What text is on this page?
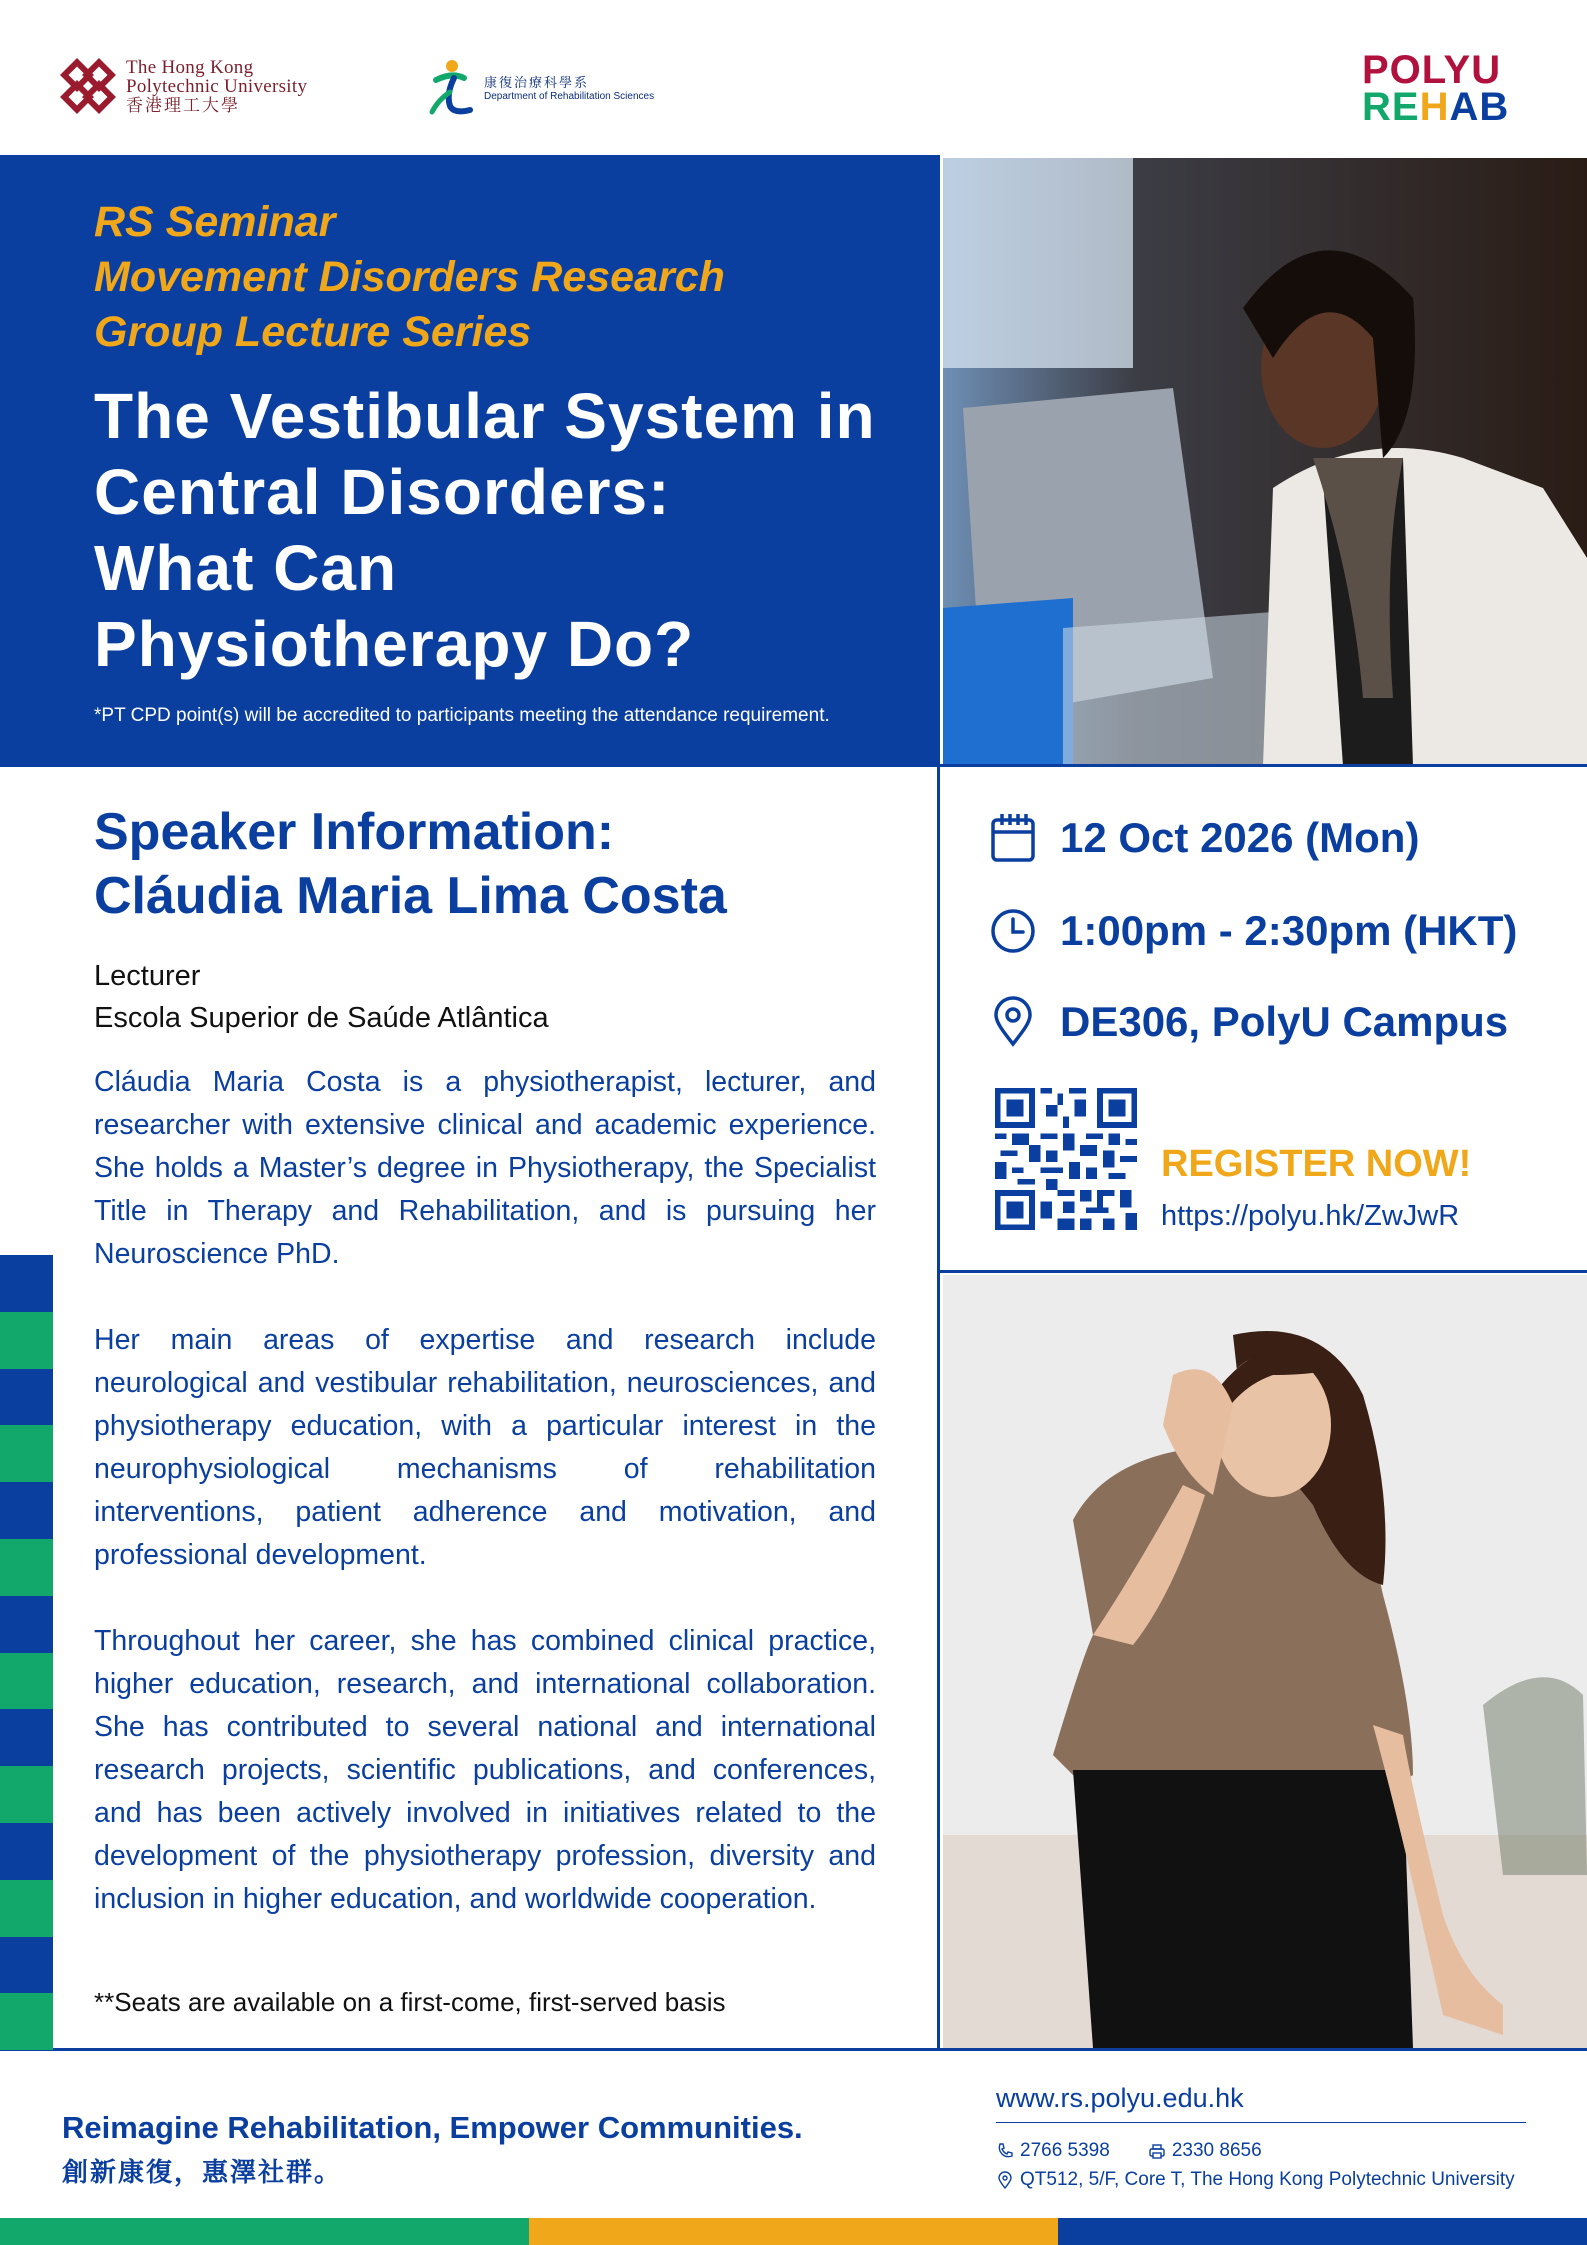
The Hong Kong
Polytechnic University
香港理工大學
康復治療科學系
Department of Rehabilitation Sciences
POLYU
REHAB
RS Seminar
Movement Disorders Research
Group Lecture Series
The Vestibular System in
Central Disorders:
What Can
Physiotherapy Do?
*PT CPD point(s) will be accredited to participants meeting the attendance requirement.
Speaker Information:
Cláudia Maria Lima Costa
Lecturer
Escola Superior de Saúde Atlântica

Cláudia Maria Costa is a physiotherapist, lecturer, and researcher with extensive clinical and academic experience. She holds a Master’s degree in Physiotherapy, the Specialist Title in Therapy and Rehabilitation, and is pursuing her Neuroscience PhD.

Her main areas of expertise and research include neurological and vestibular rehabilitation, neurosciences, and physiotherapy education, with a particular interest in the neurophysiological mechanisms of rehabilitation interventions, patient adherence and motivation, and professional development.

Throughout her career, she has combined clinical practice, higher education, research, and international collaboration. She has contributed to several national and international research projects, scientific publications, and conferences, and has been actively involved in initiatives related to the development of the physiotherapy profession, diversity and inclusion in higher education, and worldwide cooperation.

**Seats are available on a first-come, first-served basis
12 Oct 2026 (Mon)
1:00pm - 2:30pm (HKT)
DE306, PolyU Campus
REGISTER NOW!
https://polyu.hk/ZwJwR
Reimagine Rehabilitation, Empower Communities.
創新康復，惠澤社群。
www.rs.polyu.edu.hk
2766 5398	2330 8656
QT512, 5/F, Core T, The Hong Kong Polytechnic University
